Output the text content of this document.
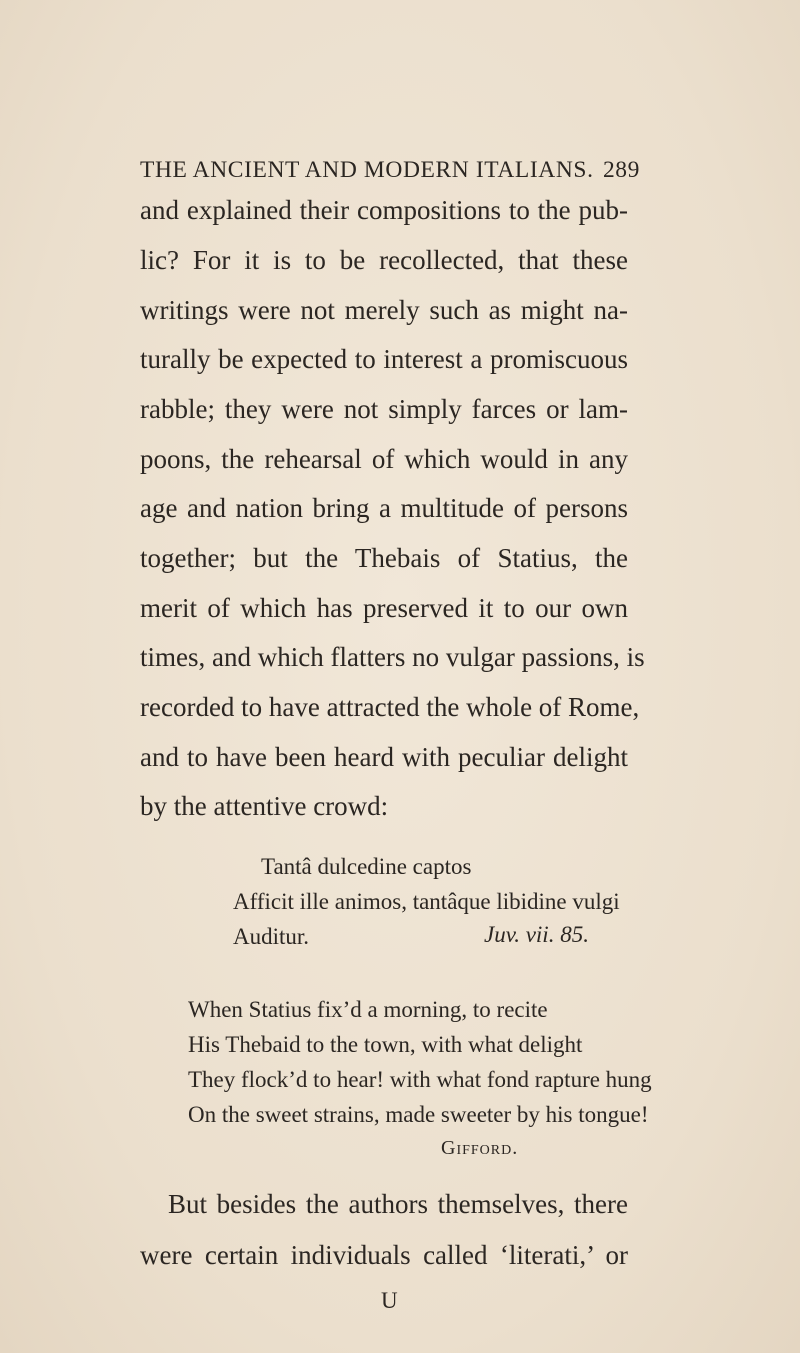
THE ANCIENT AND MODERN ITALIANS. 289
and explained their compositions to the pub-
lic? For it is to be recollected, that these
writings were not merely such as might na-
turally be expected to interest a promiscuous
rabble; they were not simply farces or lam-
poons, the rehearsal of which would in any
age and nation bring a multitude of persons
together; but the Thebais of Statius, the
merit of which has preserved it to our own
times, and which flatters no vulgar passions, is
recorded to have attracted the whole of Rome,
and to have been heard with peculiar delight
by the attentive crowd:
Tantâ dulcedine captos
Afficit ille animos, tantâque libidine vulgi
Auditur.	Juv. vii. 85.
When Statius fix’d a morning, to recite
His Thebaid to the town, with what delight
They flock’d to hear! with what fond rapture hung
On the sweet strains, made sweeter by his tongue!
Gifford.
But besides the authors themselves, there
were certain individuals called ‘literati,’ or
U
